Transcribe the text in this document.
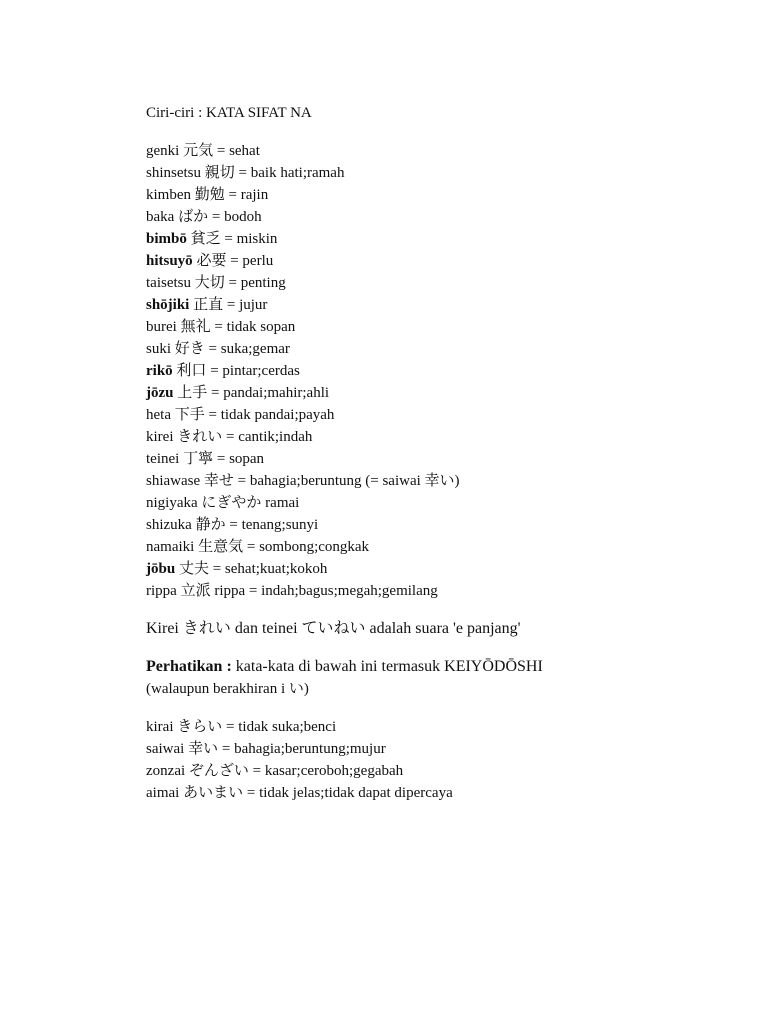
Ciri-ciri : KATA SIFAT NA
genki 元気 = sehat
shinsetsu 親切 = baik hati;ramah
kimben 勤勉 = rajin
baka ばか = bodoh
bimbō 貧乏 = miskin
hitsuyō 必要 = perlu
taisetsu 大切 = penting
shōjiki 正直 = jujur
burei 無礼 = tidak sopan
suki 好き = suka;gemar
rikō 利口 = pintar;cerdas
jōzu 上手 = pandai;mahir;ahli
heta 下手 = tidak pandai;payah
kirei きれい = cantik;indah
teinei 丁寧 = sopan
shiawase 幸せ = bahagia;beruntung (= saiwai 幸い)
nigiyaka にぎやか ramai
shizuka 静か = tenang;sunyi
namaiki 生意気 = sombong;congkak
jōbu 丈夫 = sehat;kuat;kokoh
rippa 立派 rippa = indah;bagus;megah;gemilang
Kirei きれい dan teinei ていねい adalah suara 'e panjang'
Perhatikan : kata-kata di bawah ini termasuk KEIYŌDŌSHI
(walaupun berakhiran i い)
kirai きらい = tidak suka;benci
saiwai 幸い = bahagia;beruntung;mujur
zonzai ぞんざい = kasar;ceroboh;gegabah
aimai あいまい = tidak jelas;tidak dapat dipercaya
